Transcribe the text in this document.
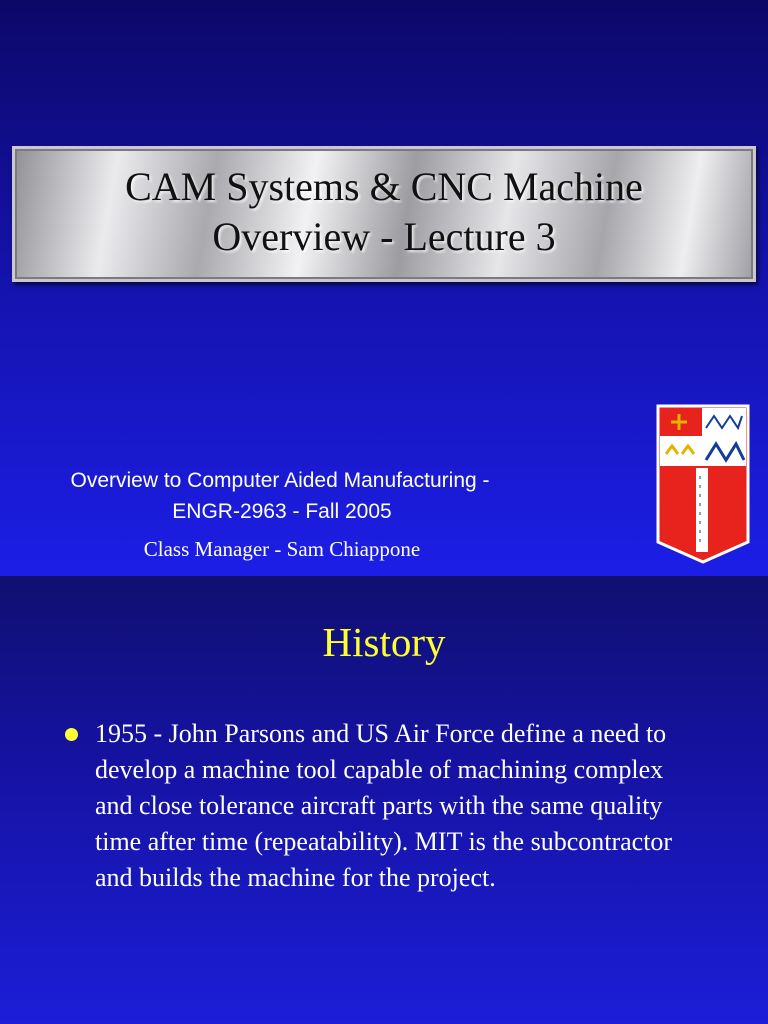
CAM Systems & CNC Machine
Overview - Lecture 3
Overview to Computer Aided Manufacturing -
ENGR-2963 - Fall 2005
Class Manager - Sam Chiappone
History
1955 - John Parsons and US Air Force define a need to develop a machine tool capable of machining complex and close tolerance aircraft parts with the same quality time after time (repeatability). MIT is the subcontractor and builds the machine for the project.
